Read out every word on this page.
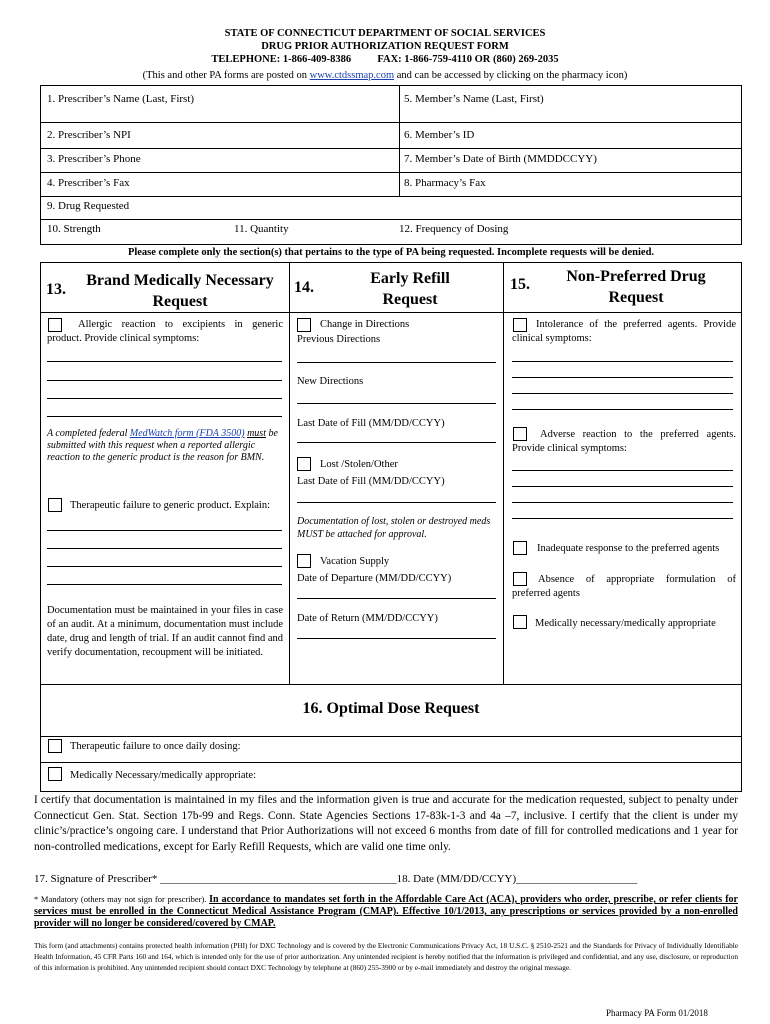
STATE OF CONNECTICUT DEPARTMENT OF SOCIAL SERVICES
DRUG PRIOR AUTHORIZATION REQUEST FORM
TELEPHONE: 1-866-409-8386          FAX: 1-866-759-4110 OR (860) 269-2035
(This and other PA forms are posted on www.ctdssmap.com and can be accessed by clicking on the pharmacy icon)
1. Prescriber’s Name (Last, First)	5. Member’s Name (Last, First)
2. Prescriber’s NPI	6. Member’s ID
3. Prescriber’s Phone	7. Member’s Date of Birth (MMDDCCYY)
4. Prescriber’s Fax	8. Pharmacy’s Fax
9. Drug Requested
10. Strength	11. Quantity	12. Frequency of Dosing
Please complete only the section(s) that pertains to the type of PA being requested. Incomplete requests will be denied.
13.
Brand Medically Necessary
Request
Allergic reaction to excipients in generic product. Provide clinical symptoms:
A completed federal MedWatch form (FDA 3500) must be submitted with this request when a reported allergic reaction to the generic product is the reason for BMN.
Therapeutic failure to generic product. Explain:
Documentation must be maintained in your files in case of an audit. At a minimum, documentation must include date, drug and length of trial. If an audit cannot find and verify documentation, recoupment will be initiated.
14.
Early Refill
Request
Change in Directions
Previous Directions
New Directions
Last Date of Fill (MM/DD/CCYY)
Lost /Stolen/Other
Last Date of Fill (MM/DD/CCYY)
Documentation of lost, stolen or destroyed meds MUST be attached for approval.
Vacation Supply
Date of Departure (MM/DD/CCYY)
Date of Return (MM/DD/CCYY)
15.	Non-Preferred Drug
Request
Intolerance of the preferred agents. Provide clinical symptoms:
Adverse reaction to the preferred agents. Provide clinical symptoms:
Inadequate response to the preferred agents
Absence of appropriate formulation of preferred agents
Medically necessary/medically appropriate
16. Optimal Dose Request
Therapeutic failure to once daily dosing:
Medically Necessary/medically appropriate:
I certify that documentation is maintained in my files and the information given is true and accurate for the medication requested, subject to penalty under Connecticut Gen. Stat. Section 17b-99 and Regs. Conn. State Agencies Sections 17-83k-1-3 and 4a –7, inclusive. I certify that the client is under my clinic’s/practice’s ongoing care. I understand that Prior Authorizations will not exceed 6 months from date of fill for controlled medications and 1 year for non-controlled medications, except for Early Refill Requests, which are valid one time only.
17. Signature of Prescriber* ___________________________________________18. Date (MM/DD/CCYY)______________________
* Mandatory (others may not sign for prescriber). In accordance to mandates set forth in the Affordable Care Act (ACA), providers who order, prescribe, or refer clients for services must be enrolled in the Connecticut Medical Assistance Program (CMAP). Effective 10/1/2013, any prescriptions or services provided by a non-enrolled provider will no longer be considered/covered by CMAP.
This form (and attachments) contains protected health information (PHI) for DXC Technology and is covered by the Electronic Communications Privacy Act, 18 U.S.C. § 2510-2521 and the Standards for Privacy of Individually Identifiable Health Information, 45 CFR Parts 160 and 164, which is intended only for the use of prior authorization. Any unintended recipient is hereby notified that the information is privileged and confidential, and any use, disclosure, or reproduction of this information is prohibited. Any unintended recipient should contact DXC Technology by telephone at (860) 255-3900 or by e-mail immediately and destroy the original message.
Pharmacy PA Form 01/2018
